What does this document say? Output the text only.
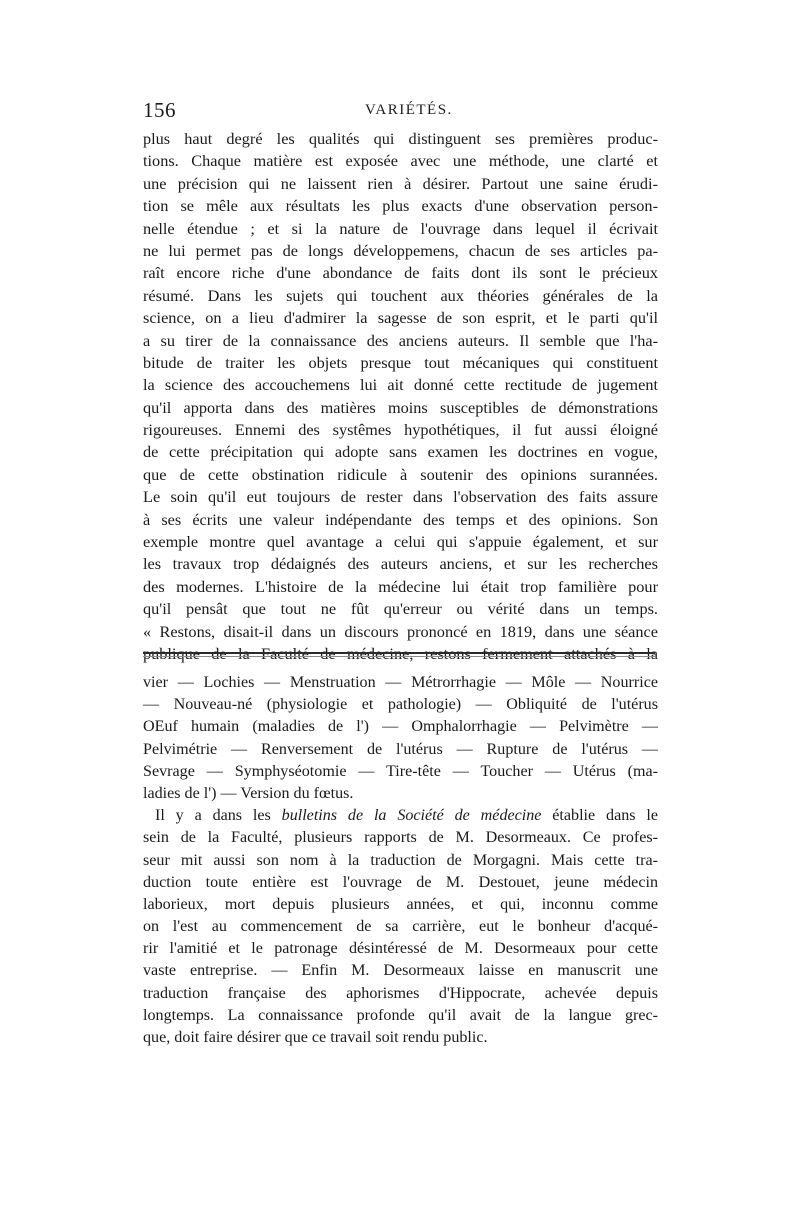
156	VARIÉTÉS.
plus haut degré les qualités qui distinguent ses premières produc-
tions. Chaque matière est exposée avec une méthode, une clarté et
une précision qui ne laissent rien à désirer. Partout une saine érudi-
tion se mêle aux résultats les plus exacts d'une observation person-
nelle étendue ; et si la nature de l'ouvrage dans lequel il écrivait
ne lui permet pas de longs développemens, chacun de ses articles pa-
raît encore riche d'une abondance de faits dont ils sont le précieux
résumé. Dans les sujets qui touchent aux théories générales de la
science, on a lieu d'admirer la sagesse de son esprit, et le parti qu'il
a su tirer de la connaissance des anciens auteurs. Il semble que l'ha-
bitude de traiter les objets presque tout mécaniques qui constituent
la science des accouchemens lui ait donné cette rectitude de jugement
qu'il apporta dans des matières moins susceptibles de démonstrations
rigoureuses. Ennemi des systêmes hypothétiques, il fut aussi éloigné
de cette précipitation qui adopte sans examen les doctrines en vogue,
que de cette obstination ridicule à soutenir des opinions surannées.
Le soin qu'il eut toujours de rester dans l'observation des faits assure
à ses écrits une valeur indépendante des temps et des opinions. Son
exemple montre quel avantage a celui qui s'appuie également, et sur
les travaux trop dédaignés des auteurs anciens, et sur les recherches
des modernes. L'histoire de la médecine lui était trop familière pour
qu'il pensât que tout ne fût qu'erreur ou vérité dans un temps.
« Restons, disait-il dans un discours prononcé en 1819, dans une séance
publique de la Faculté de médecine, restons fermement attachés à la
vier — Lochies — Menstruation — Métrorrhagie — Môle — Nourrice
— Nouveau-né (physiologie et pathologie) — Obliquité de l'utérus
OEuf humain (maladies de l') — Omphalorrhagie — Pelvimètre —
Pelvimétrie — Renversement de l'utérus — Rupture de l'utérus —
Sevrage — Symphyséotomie — Tire-tête — Toucher — Utérus (ma-
ladies de l') — Version du fœtus.
Il y a dans les bulletins de la Société de médecine établie dans le
sein de la Faculté, plusieurs rapports de M. Desormeaux. Ce profes-
seur mit aussi son nom à la traduction de Morgagni. Mais cette tra-
duction toute entière est l'ouvrage de M. Destouet, jeune médecin
laborieux, mort depuis plusieurs années, et qui, inconnu comme
on l'est au commencement de sa carrière, eut le bonheur d'acqué-
rir l'amitié et le patronage désintéressé de M. Desormeaux pour cette
vaste entreprise. — Enfin M. Desormeaux laisse en manuscrit une
traduction française des aphorismes d'Hippocrate, achevée depuis
longtemps. La connaissance profonde qu'il avait de la langue grec-
que, doit faire désirer que ce travail soit rendu public.
